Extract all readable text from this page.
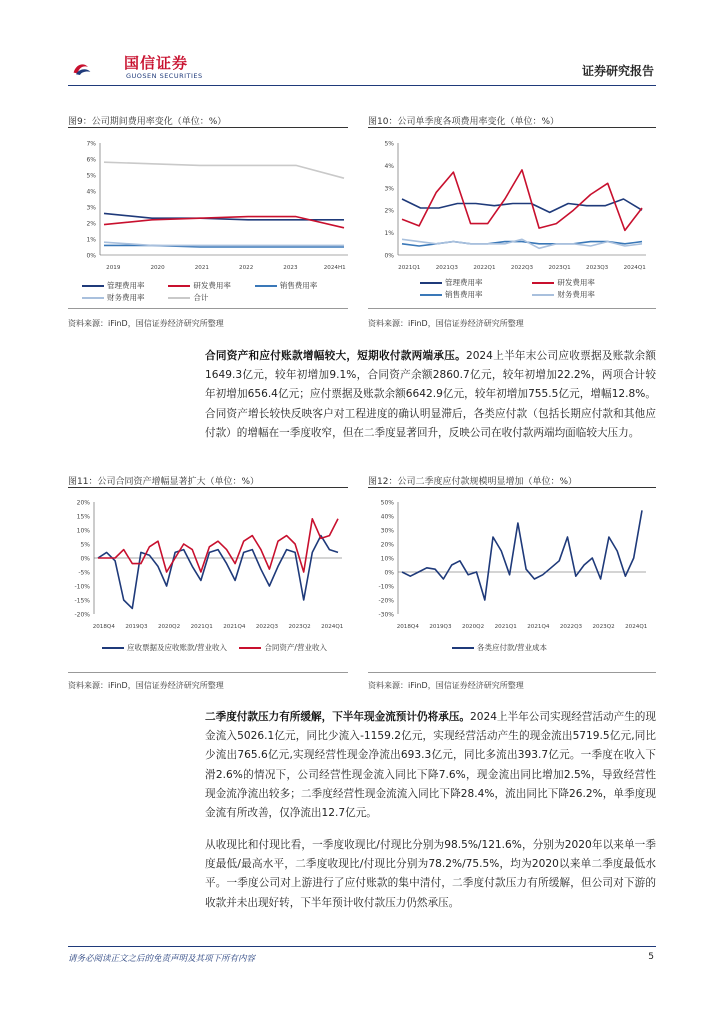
国信证券
GUOSEN SECURITIES	证券研究报告
图9：公司期间费用率变化（单位：%）
0%
1%
2%
3%
4%
5%
6%
7%
2019	2020	2021	2022	2023	2024H1
管理费用率	研发费用率	销售费用率
财务费用率	合计
资料来源：iFinD，国信证券经济研究所整理
图10：公司单季度各项费用率变化（单位：%）
0%
1%
2%
3%
4%
5%
2021Q1	2021Q3	2022Q1	2022Q3	2023Q1	2023Q3	2024Q1
管理费用率	研发费用率
销售费用率	财务费用率
资料来源：iFinD，国信证券经济研究所整理
合同资产和应付账款增幅较大，短期收付款两端承压。2024上半年末公司应收票据及账款余额1649.3亿元，较年初增加9.1%，合同资产余额2860.7亿元，较年初增加22.2%，两项合计较年初增加656.4亿元；应付票据及账款余额6642.9亿元，较年初增加755.5亿元，增幅12.8%。合同资产增长较快反映客户对工程进度的确认明显滞后，各类应付款（包括长期应付款和其他应付款）的增幅在一季度收窄，但在二季度显著回升，反映公司在收付款两端均面临较大压力。
图11：公司合同资产增幅显著扩大（单位：%）
-20%
-15%
-10%
-5%
0%
5%
10%
15%
20%
2018Q4 2019Q3 2020Q2 2021Q1 2021Q4 2022Q3 2023Q2 2024Q1
应收票据及应收账款/营业收入	合同资产/营业收入
资料来源：iFinD，国信证券经济研究所整理
图12：公司二季度应付款规模明显增加（单位：%）
-30%
-20%
-10%
0%
10%
20%
30%
40%
50%
2018Q4 2019Q3 2020Q2 2021Q1 2021Q4 2022Q3 2023Q2 2024Q1
各类应付款/营业成本
资料来源：iFinD，国信证券经济研究所整理
二季度付款压力有所缓解，下半年现金流预计仍将承压。2024上半年公司实现经营活动产生的现金流入5026.1亿元，同比少流入-1159.2亿元，实现经营活动产生的现金流出5719.5亿元,同比少流出765.6亿元,实现经营性现金净流出693.3亿元，同比多流出393.7亿元。一季度在收入下滑2.6%的情况下，公司经营性现金流入同比下降7.6%，现金流出同比增加2.5%，导致经营性现金流净流出较多；二季度经营性现金流流入同比下降28.4%，流出同比下降26.2%，单季度现金流有所改善，仅净流出12.7亿元。
从收现比和付现比看，一季度收现比/付现比分别为98.5%/121.6%，分别为2020年以来单一季度最低/最高水平，二季度收现比/付现比分别为78.2%/75.5%，均为2020以来单二季度最低水平。一季度公司对上游进行了应付账款的集中清付，二季度付款压力有所缓解，但公司对下游的收款并未出现好转，下半年预计收付款压力仍然承压。
请务必阅读正文之后的免责声明及其项下所有内容	5
